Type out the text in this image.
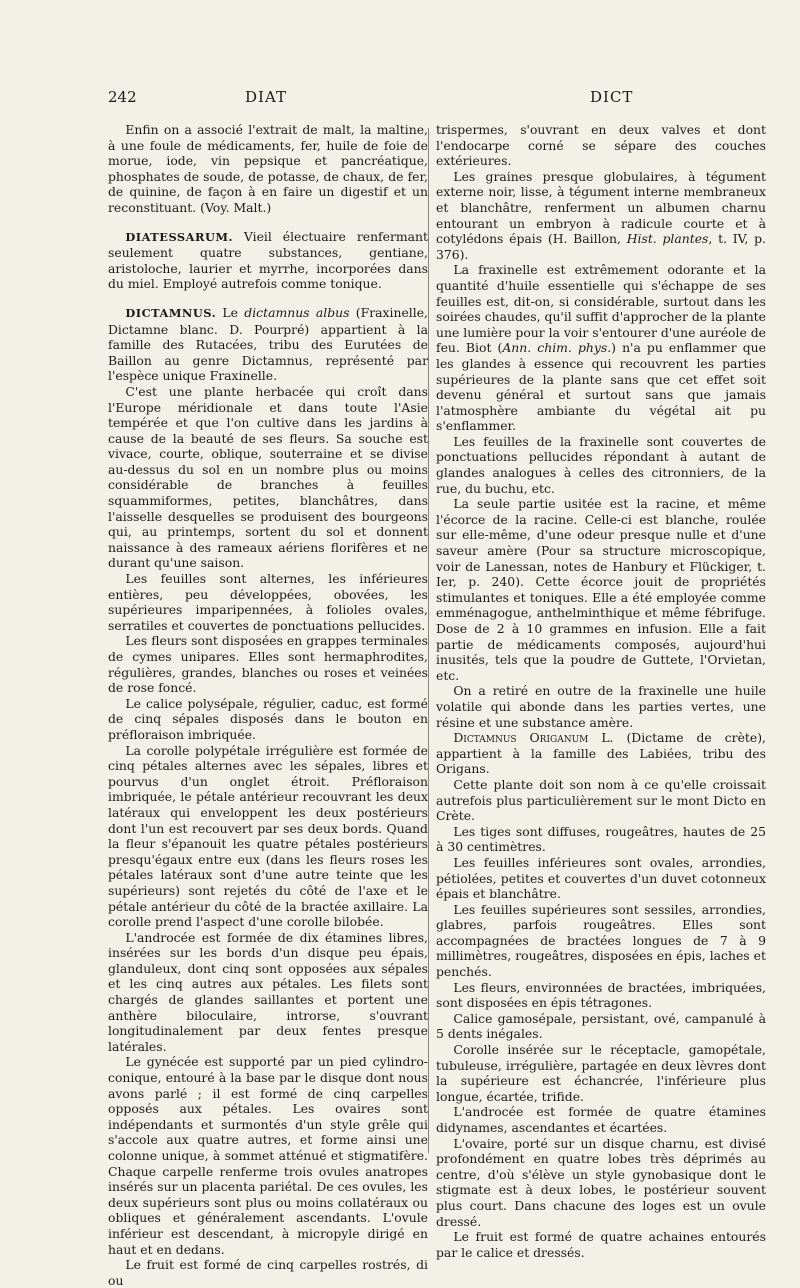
242	DIAT	DICT

Enfin on a associé l'extrait de malt, la maltine, à une foule de médicaments, fer, huile de foie de morue, iode, vin pepsique et pancréatique, phosphates de soude, de potasse, de chaux, de fer, de quinine, de façon à en faire un digestif et un reconstituant. (Voy. Malt.)

DIATESSARUM. Vieil électuaire renfermant seulement quatre substances, gentiane, aristoloche, laurier et myrrhe, incorporées dans du miel. Employé autrefois comme tonique.

DICTAMNUS. Le dictamnus albus (Fraxinelle, Dictamne blanc. D. Pourpré) appartient à la famille des Rutacées, tribu des Eurutées de Baillon au genre Dictamnus, représenté par l'espèce unique Fraxinelle.

C'est une plante herbacée qui croît dans l'Europe méridionale et dans toute l'Asie tempérée et que l'on cultive dans les jardins à cause de la beauté de ses fleurs. Sa souche est vivace, courte, oblique, souterraine et se divise au-dessus du sol en un nombre plus ou moins considérable de branches à feuilles squammiformes, petites, blanchâtres, dans l'aisselle desquelles se produisent des bourgeons qui, au printemps, sortent du sol et donnent naissance à des rameaux aériens florifères et ne durant qu'une saison.

Les feuilles sont alternes, les inférieures entières, peu développées, obovées, les supérieures imparipennées, à folioles ovales, serratiles et couvertes de ponctuations pellucides.

Les fleurs sont disposées en grappes terminales de cymes unipares. Elles sont hermaphrodites, régulières, grandes, blanches ou roses et veinées de rose foncé.

Le calice polysépale, régulier, caduc, est formé de cinq sépales disposés dans le bouton en préfloraison imbriquée.

La corolle polypétale irrégulière est formée de cinq pétales alternes avec les sépales, libres et pourvus d'un onglet étroit. Préfloraison imbriquée, le pétale antérieur recouvrant les deux latéraux qui enveloppent les deux postérieurs dont l'un est recouvert par ses deux bords. Quand la fleur s'épanouit les quatre pétales postérieurs presqu'égaux entre eux (dans les fleurs roses les pétales latéraux sont d'une autre teinte que les supérieurs) sont rejetés du côté de l'axe et le pétale antérieur du côté de la bractée axillaire. La corolle prend l'aspect d'une corolle bilobée.

L'androcée est formée de dix étamines libres, insérées sur les bords d'un disque peu épais, glanduleux, dont cinq sont opposées aux sépales et les cinq autres aux pétales. Les filets sont chargés de glandes saillantes et portent une anthère biloculaire, introrse, s'ouvrant longitudinalement par deux fentes presque latérales.

Le gynécée est supporté par un pied cylindro-conique, entouré à la base par le disque dont nous avons parlé ; il est formé de cinq carpelles opposés aux pétales. Les ovaires sont indépendants et surmontés d'un style grêle qui s'accole aux quatre autres, et forme ainsi une colonne unique, à sommet atténué et stigmatifère. Chaque carpelle renferme trois ovules anatropes insérés sur un placenta pariétal. De ces ovules, les deux supérieurs sont plus ou moins collatéraux ou obliques et généralement ascendants. L'ovule inférieur est descendant, à micropyle dirigé en haut et en dedans.

Le fruit est formé de cinq carpelles rostrés, di ou

trispermes, s'ouvrant en deux valves et dont l'endocarpe corné se sépare des couches extérieures.

Les graines presque globulaires, à tégument externe noir, lisse, à tégument interne membraneux et blanchâtre, renferment un albumen charnu entourant un embryon à radicule courte et à cotylédons épais (H. Baillon, Hist. plantes, t. IV, p. 376).

La fraxinelle est extrêmement odorante et la quantité d'huile essentielle qui s'échappe de ses feuilles est, dit-on, si considérable, surtout dans les soirées chaudes, qu'il suffit d'approcher de la plante une lumière pour la voir s'entourer d'une auréole de feu. Biot (Ann. chim. phys.) n'a pu enflammer que les glandes à essence qui recouvrent les parties supérieures de la plante sans que cet effet soit devenu général et surtout sans que jamais l'atmosphère ambiante du végétal ait pu s'enflammer.

Les feuilles de la fraxinelle sont couvertes de ponctuations pellucides répondant à autant de glandes analogues à celles des citronniers, de la rue, du buchu, etc.

La seule partie usitée est la racine, et même l'écorce de la racine. Celle-ci est blanche, roulée sur elle-même, d'une odeur presque nulle et d'une saveur amère (Pour sa structure microscopique, voir de Lanessan, notes de Hanbury et Flückiger, t. Ier, p. 240). Cette écorce jouit de propriétés stimulantes et toniques. Elle a été employée comme emménagogue, anthelminthique et même fébrifuge. Dose de 2 à 10 grammes en infusion. Elle a fait partie de médicaments composés, aujourd'hui inusités, tels que la poudre de Guttete, l'Orvietan, etc.

On a retiré en outre de la fraxinelle une huile volatile qui abonde dans les parties vertes, une résine et une substance amère.

Dictamnus Origanum L. (Dictame de crète), appartient à la famille des Labiées, tribu des Origans.

Cette plante doit son nom à ce qu'elle croissait autrefois plus particulièrement sur le mont Dicto en Crète.

Les tiges sont diffuses, rougeâtres, hautes de 25 à 30 centimètres.

Les feuilles inférieures sont ovales, arrondies, pétiolées, petites et couvertes d'un duvet cotonneux épais et blanchâtre.

Les feuilles supérieures sont sessiles, arrondies, glabres, parfois rougeâtres. Elles sont accompagnées de bractées longues de 7 à 9 millimètres, rougeâtres, disposées en épis, laches et penchés.

Les fleurs, environnées de bractées, imbriquées, sont disposées en épis tétragones.

Calice gamosépale, persistant, ové, campanulé à 5 dents inégales.

Corolle insérée sur le réceptacle, gamopétale, tubuleuse, irrégulière, partagée en deux lèvres dont la supérieure est échancrée, l'inférieure plus longue, écartée, trifide.

L'androcée est formée de quatre étamines didynames, ascendantes et écartées.

L'ovaire, porté sur un disque charnu, est divisé profondément en quatre lobes très déprimés au centre, d'où s'élève un style gynobasique dont le stigmate est à deux lobes, le postérieur souvent plus court. Dans chacune des loges est un ovule dressé.

Le fruit est formé de quatre achaines entourés par le calice et dressés.
